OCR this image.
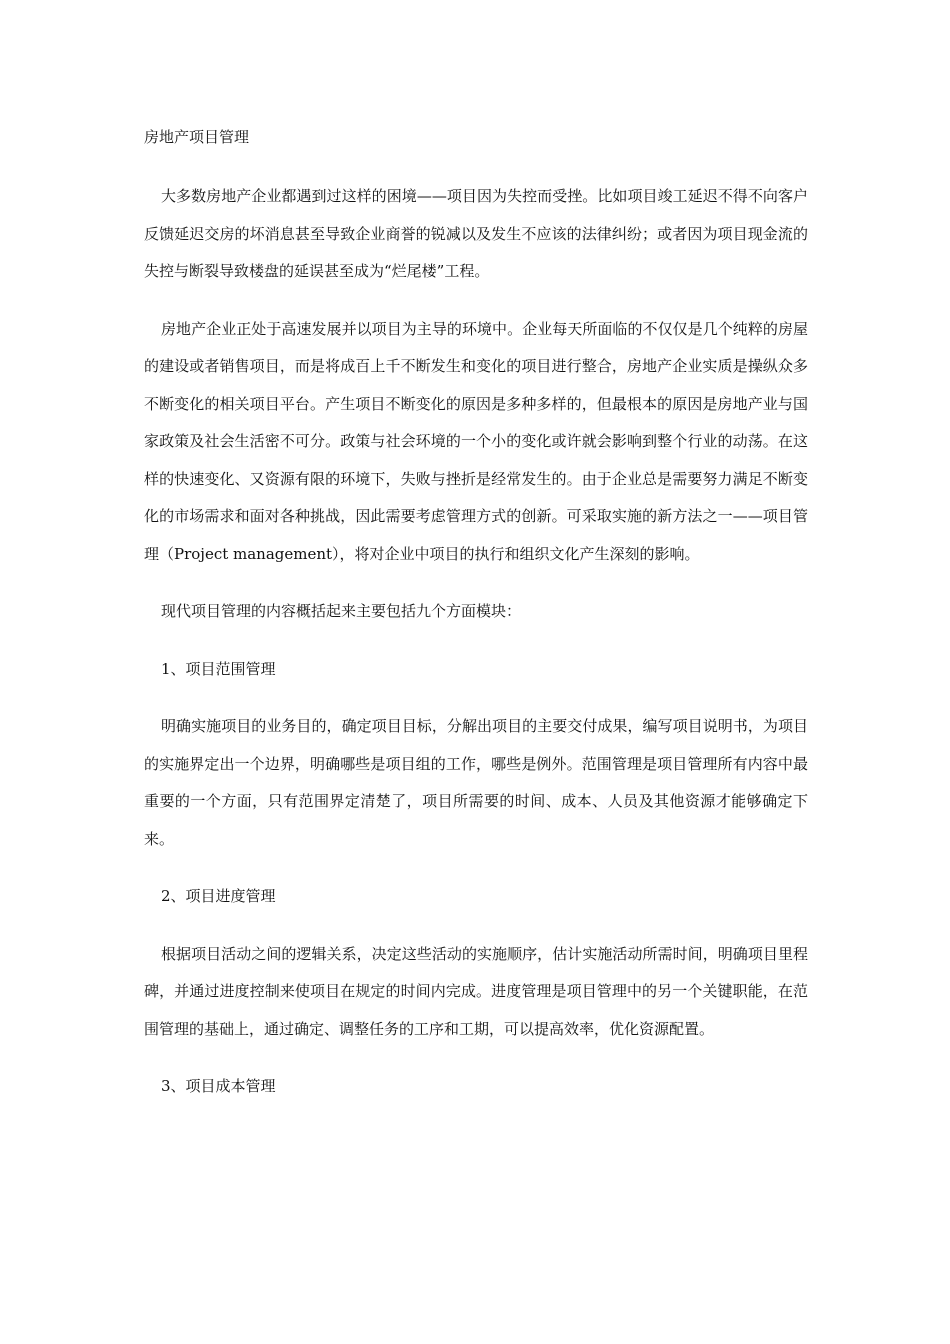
房地产项目管理

大多数房地产企业都遇到过这样的困境——项目因为失控而受挫。比如项目竣工延迟不得不向客户反馈延迟交房的坏消息甚至导致企业商誉的锐减以及发生不应该的法律纠纷；或者因为项目现金流的失控与断裂导致楼盘的延误甚至成为“烂尾楼”工程。

房地产企业正处于高速发展并以项目为主导的环境中。企业每天所面临的不仅仅是几个纯粹的房屋的建设或者销售项目，而是将成百上千不断发生和变化的项目进行整合，房地产企业实质是操纵众多不断变化的相关项目平台。产生项目不断变化的原因是多种多样的，但最根本的原因是房地产业与国家政策及社会生活密不可分。政策与社会环境的一个小的变化或许就会影响到整个行业的动荡。在这样的快速变化、又资源有限的环境下，失败与挫折是经常发生的。由于企业总是需要努力满足不断变化的市场需求和面对各种挑战，因此需要考虑管理方式的创新。可采取实施的新方法之一——项目管理（Project management），将对企业中项目的执行和组织文化产生深刻的影响。

现代项目管理的内容概括起来主要包括九个方面模块：

1、项目范围管理

明确实施项目的业务目的，确定项目目标，分解出项目的主要交付成果，编写项目说明书，为项目的实施界定出一个边界，明确哪些是项目组的工作，哪些是例外。范围管理是项目管理所有内容中最重要的一个方面，只有范围界定清楚了，项目所需要的时间、成本、人员及其他资源才能够确定下来。

2、项目进度管理

根据项目活动之间的逻辑关系，决定这些活动的实施顺序，估计实施活动所需时间，明确项目里程碑，并通过进度控制来使项目在规定的时间内完成。进度管理是项目管理中的另一个关键职能，在范围管理的基础上，通过确定、调整任务的工序和工期，可以提高效率，优化资源配置。

3、项目成本管理
